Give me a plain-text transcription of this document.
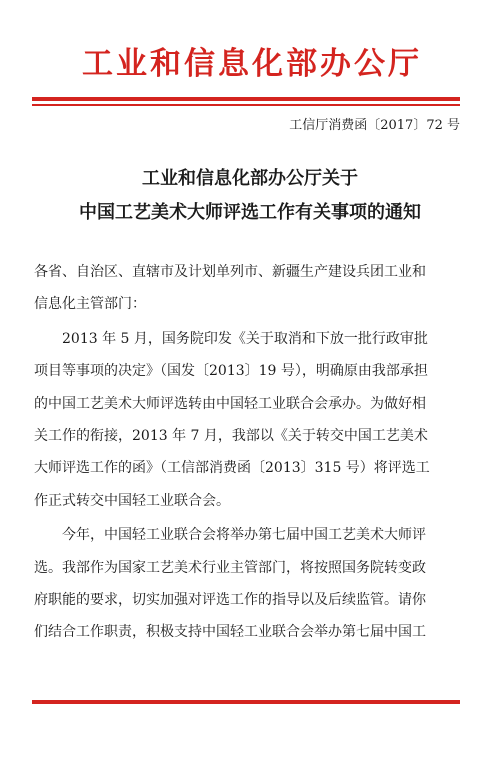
工业和信息化部办公厅
工信厅消费函〔2017〕72 号
工业和信息化部办公厅关于
中国工艺美术大师评选工作有关事项的通知

各省、自治区、直辖市及计划单列市、新疆生产建设兵团工业和
信息化主管部门：

2013 年 5 月，国务院印发《关于取消和下放一批行政审批
项目等事项的决定》（国发〔2013〕19 号），明确原由我部承担
的中国工艺美术大师评选转由中国轻工业联合会承办。为做好相
关工作的衔接，2013 年 7 月，我部以《关于转交中国工艺美术
大师评选工作的函》（工信部消费函〔2013〕315 号）将评选工
作正式转交中国轻工业联合会。

今年，中国轻工业联合会将举办第七届中国工艺美术大师评
选。我部作为国家工艺美术行业主管部门，将按照国务院转变政
府职能的要求，切实加强对评选工作的指导以及后续监管。请你
们结合工作职责，积极支持中国轻工业联合会举办第七届中国工
